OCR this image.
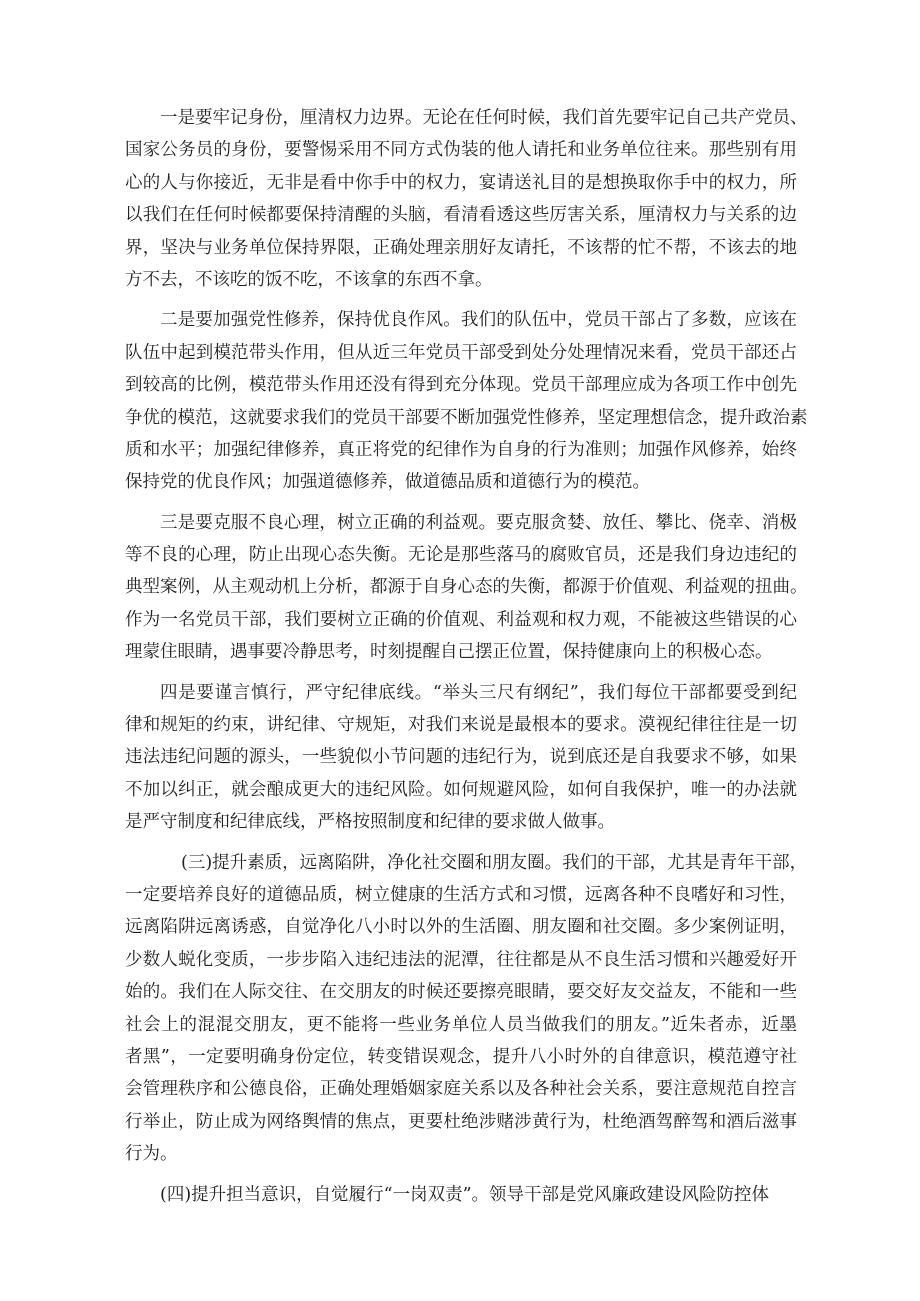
一是要牢记身份，厘清权力边界。无论在任何时候，我们首先要牢记自己共产党员、
国家公务员的身份，要警惕采用不同方式伪装的他人请托和业务单位往来。那些别有用
心的人与你接近，无非是看中你手中的权力，宴请送礼目的是想换取你手中的权力，所
以我们在任何时候都要保持清醒的头脑，看清看透这些厉害关系，厘清权力与关系的边
界，坚决与业务单位保持界限，正确处理亲朋好友请托，不该帮的忙不帮，不该去的地
方不去，不该吃的饭不吃，不该拿的东西不拿。
二是要加强党性修养，保持优良作风。我们的队伍中，党员干部占了多数，应该在
队伍中起到模范带头作用，但从近三年党员干部受到处分处理情况来看，党员干部还占
到较高的比例，模范带头作用还没有得到充分体现。党员干部理应成为各项工作中创先
争优的模范，这就要求我们的党员干部要不断加强党性修养，坚定理想信念，提升政治素
质和水平；加强纪律修养，真正将党的纪律作为自身的行为准则；加强作风修养，始终
保持党的优良作风；加强道德修养，做道德品质和道德行为的模范。
三是要克服不良心理，树立正确的利益观。要克服贪婪、放任、攀比、侥幸、消极
等不良的心理，防止出现心态失衡。无论是那些落马的腐败官员，还是我们身边违纪的
典型案例，从主观动机上分析，都源于自身心态的失衡，都源于价值观、利益观的扭曲。
作为一名党员干部，我们要树立正确的价值观、利益观和权力观，不能被这些错误的心
理蒙住眼睛，遇事要冷静思考，时刻提醒自己摆正位置，保持健康向上的积极心态。
四是要谨言慎行，严守纪律底线。“举头三尺有纲纪”，我们每位干部都要受到纪
律和规矩的约束，讲纪律、守规矩，对我们来说是最根本的要求。漠视纪律往往是一切
违法违纪问题的源头，一些貌似小节问题的违纪行为，说到底还是自我要求不够，如果
不加以纠正，就会酿成更大的违纪风险。如何规避风险，如何自我保护，唯一的办法就
是严守制度和纪律底线，严格按照制度和纪律的要求做人做事。
(三)提升素质，远离陷阱，净化社交圈和朋友圈。我们的干部，尤其是青年干部，
一定要培养良好的道德品质，树立健康的生活方式和习惯，远离各种不良嗜好和习性，
远离陷阱远离诱惑，自觉净化八小时以外的生活圈、朋友圈和社交圈。多少案例证明，
少数人蜕化变质，一步步陷入违纪违法的泥潭，往往都是从不良生活习惯和兴趣爱好开
始的。我们在人际交往、在交朋友的时候还要擦亮眼睛，要交好友交益友，不能和一些
社会上的混混交朋友，更不能将一些业务单位人员当做我们的朋友。”近朱者赤，近墨
者黑”，一定要明确身份定位，转变错误观念，提升八小时外的自律意识，模范遵守社
会管理秩序和公德良俗，正确处理婚姻家庭关系以及各种社会关系，要注意规范自控言
行举止，防止成为网络舆情的焦点，更要杜绝涉赌涉黄行为，杜绝酒驾醉驾和酒后滋事
行为。
(四)提升担当意识，自觉履行“一岗双责”。领导干部是党风廉政建设风险防控体
